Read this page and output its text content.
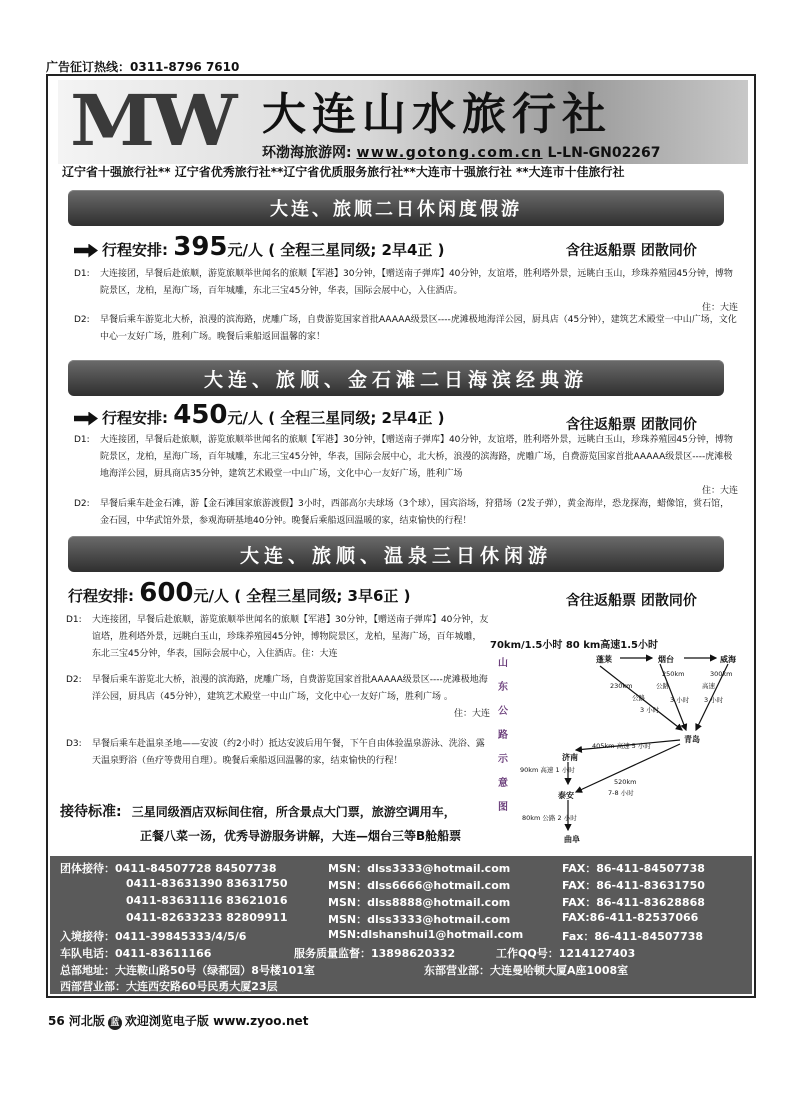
广告征订热线：0311-8796 7610
MW 大连山水旅行社
环渤海旅游网: www.gotong.com.cn L-LN-GN02267
辽宁省十强旅行社** 辽宁省优秀旅行社**辽宁省优质服务旅行社**大连市十强旅行社 **大连市十佳旅行社
大连、旅顺二日休闲度假游
行程安排: 395元/人 ( 全程三星同级; 2早4正 )	含往返船票 团散同价
D1:	大连接团，早餐后赴旅顺，游览旅顺举世闻名的旅顺【军港】30分钟，【赠送南子弹库】40分钟，友谊塔，胜利塔外景，远眺白玉山，珍珠养殖园45分钟，博物院景区，龙柏，星海广场，百年城雕，东北三宝45分钟，华表，国际会展中心，入住酒店。
住：大连
D2:	早餐后乘车游览北大桥，浪漫的滨海路，虎雕广场，自费游览国家首批AAAAA级景区----虎滩极地海洋公园，厨具店（45分钟），建筑艺术殿堂一中山广场，文化中心一友好广场，胜利广场。晚餐后乘船返回温馨的家！
大连、旅顺、金石滩二日海滨经典游
行程安排: 450元/人 ( 全程三星同级; 2早4正 )	含往返船票 团散同价
D1:	大连接团，早餐后赴旅顺，游览旅顺举世闻名的旅顺【军港】30分钟，【赠送南子弹库】40分钟，友谊塔，胜利塔外景，远眺白玉山，珍珠养殖园45分钟，博物院景区，龙柏，星海广场，百年城雕，东北三宝45分钟，华表，国际会展中心，北大桥，浪漫的滨海路，虎雕广场，自费游览国家首批AAAAA级景区----虎滩极地海洋公园，厨具商店35分钟，建筑艺术殿堂一中山广场，文化中心一友好广场，胜利广场
住：大连
D2:	早餐后乘车赴金石滩，游【金石滩国家旅游渡假】3小时，西部高尔夫球场（3个球），国宾浴场，狩猎场（2发子弹），黄金海岸，恐龙探海，蜡像馆，赏石馆，金石园，中华武馆外景，参观海研基地40分钟。晚餐后乘船返回温暖的家，结束愉快的行程！
大连、旅顺、温泉三日休闲游
行程安排: 600元/人 ( 全程三星同级; 3早6正 )	含往返船票 团散同价
D1:	大连接团，早餐后赴旅顺，游览旅顺举世闻名的旅顺【军港】30分钟，【赠送南子弹库】40分钟，友谊塔，胜利塔外景，远眺白玉山，珍珠养殖园45分钟，博物院景区，龙柏，星海广场，百年城雕，东北三宝45分钟，华表，国际会展中心，入住酒店。住：大连
D2:	早餐后乘车游览北大桥，浪漫的滨海路，虎雕广场，自费游览国家首批AAAAA级景区----虎滩极地海洋公园，厨具店（45分钟），建筑艺术殿堂一中山广场，文化中心一友好广场，胜利广场 。
住：大连
D3:	早餐后乘车赴温泉圣地——安波（约2小时）抵达安波后用午餐，下午自由体验温泉游泳、洗浴、露天温泉野浴（鱼疗等费用自理）。晚餐后乘船返回温馨的家，结束愉快的行程！
70km/1.5小时 80 km高速1.5小时
山
东
公
路
示
意
图
蓬莱	烟台	威海
青岛
济南
泰安
曲阜
250km	300km
230km	公路	高速
公路	3 小时 3 小时
3 小时
405km 高速 5 小时
90km 高速 1 小时
520km
7-8 小时
80km 公路 2 小时
接待标准: 三星同级酒店双标间住宿，所含景点大门票，旅游空调用车，
正餐八菜一汤，优秀导游服务讲解，大连—烟台三等B舱船票
团体接待：0411-84507728 84507738	MSN：dlss3333@hotmail.com	FAX：86-411-84507738
0411-83631390 83631750	MSN：dlss6666@hotmail.com	FAX：86-411-83631750
0411-83631116 83621016	MSN：dlss8888@hotmail.com	FAX：86-411-83628868
0411-82633233 82809911	MSN：dlss3333@hotmail.com	FAX:86-411-82537066
入境接待：0411-39845333/4/5/6	MSN:dlshanshui1@hotmail.com	Fax：86-411-84507738
车队电话：0411-83611166	服务质量监督：13898620332	工作QQ号：1214127403
总部地址：大连鞍山路50号（绿都园）8号楼101室	东部营业部：大连曼哈顿大厦A座1008室
西部营业部：大连西安路60号民勇大厦23层
56 河北版 蓝 欢迎浏览电子版 www.zyoo.net
